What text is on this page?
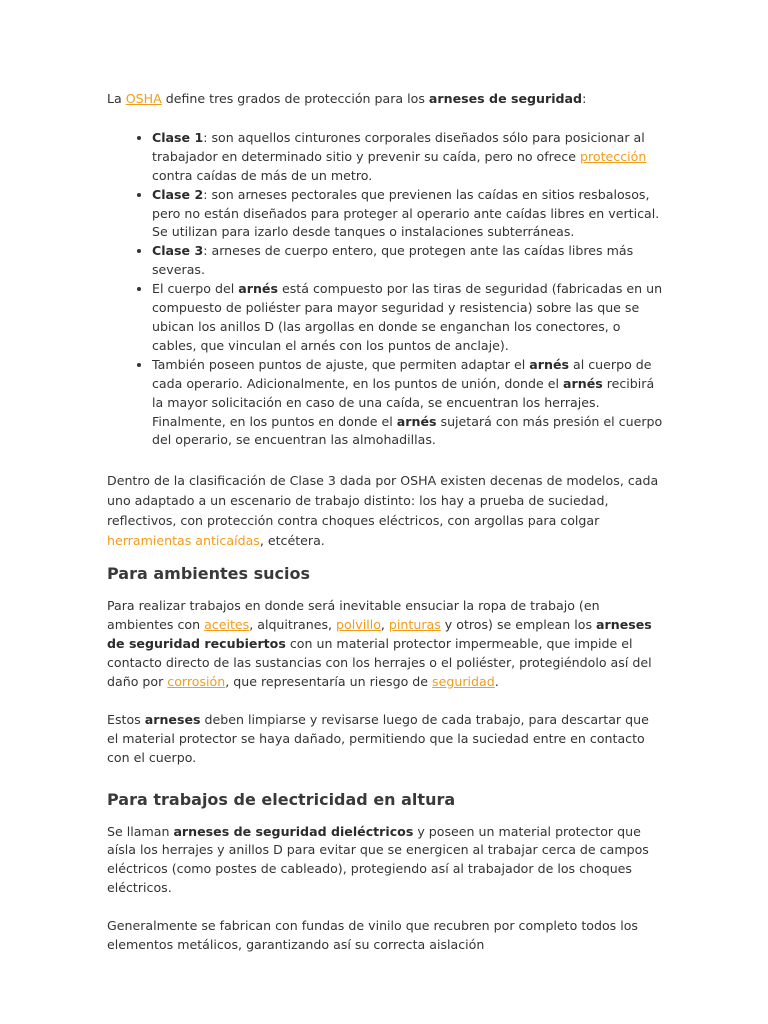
La OSHA define tres grados de protección para los arneses de seguridad:

• Clase 1: son aquellos cinturones corporales diseñados sólo para posicionar al trabajador en determinado sitio y prevenir su caída, pero no ofrece protección contra caídas de más de un metro.
• Clase 2: son arneses pectorales que previenen las caídas en sitios resbalosos, pero no están diseñados para proteger al operario ante caídas libres en vertical. Se utilizan para izarlo desde tanques o instalaciones subterráneas.
• Clase 3: arneses de cuerpo entero, que protegen ante las caídas libres más severas.
• El cuerpo del arnés está compuesto por las tiras de seguridad (fabricadas en un compuesto de poliéster para mayor seguridad y resistencia) sobre las que se ubican los anillos D (las argollas en donde se enganchan los conectores, o cables, que vinculan el arnés con los puntos de anclaje).
• También poseen puntos de ajuste, que permiten adaptar el arnés al cuerpo de cada operario. Adicionalmente, en los puntos de unión, donde el arnés recibirá la mayor solicitación en caso de una caída, se encuentran los herrajes. Finalmente, en los puntos en donde el arnés sujetará con más presión el cuerpo del operario, se encuentran las almohadillas.

Dentro de la clasificación de Clase 3 dada por OSHA existen decenas de modelos, cada uno adaptado a un escenario de trabajo distinto: los hay a prueba de suciedad, reflectivos, con protección contra choques eléctricos, con argollas para colgar herramientas anticaídas, etcétera.

Para ambientes sucios

Para realizar trabajos en donde será inevitable ensuciar la ropa de trabajo (en ambientes con aceites, alquitranes, polvillo, pinturas y otros) se emplean los arneses de seguridad recubiertos con un material protector impermeable, que impide el contacto directo de las sustancias con los herrajes o el poliéster, protegiéndolo así del daño por corrosión, que representaría un riesgo de seguridad.

Estos arneses deben limpiarse y revisarse luego de cada trabajo, para descartar que el material protector se haya dañado, permitiendo que la suciedad entre en contacto con el cuerpo.

Para trabajos de electricidad en altura

Se llaman arneses de seguridad dieléctricos y poseen un material protector que aísla los herrajes y anillos D para evitar que se energicen al trabajar cerca de campos eléctricos (como postes de cableado), protegiendo así al trabajador de los choques eléctricos.

Generalmente se fabrican con fundas de vinilo que recubren por completo todos los elementos metálicos, garantizando así su correcta aislación
